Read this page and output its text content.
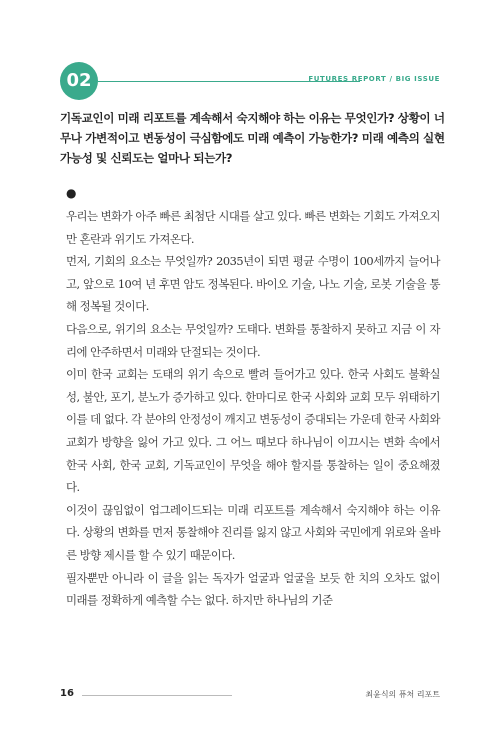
02	FUTURES REPORT / BIG ISSUE
기독교인이 미래 리포트를 계속해서 숙지해야 하는 이유는 무엇인가? 상황이 너무나 가변적이고 변동성이 극심함에도 미래 예측이 가능한가? 미래 예측의 실현 가능성 및 신뢰도는 얼마나 되는가?
●

우리는 변화가 아주 빠른 최첨단 시대를 살고 있다. 빠른 변화는 기회도 가져오지만 혼란과 위기도 가져온다.

먼저, 기회의 요소는 무엇일까? 2035년이 되면 평균 수명이 100세까지 늘어나고, 앞으로 10여 년 후면 암도 정복된다. 바이오 기술, 나노 기술, 로봇 기술을 통해 정복될 것이다.

다음으로, 위기의 요소는 무엇일까? 도태다. 변화를 통찰하지 못하고 지금 이 자리에 안주하면서 미래와 단절되는 것이다.

이미 한국 교회는 도태의 위기 속으로 빨려 들어가고 있다. 한국 사회도 불확실성, 불안, 포기, 분노가 증가하고 있다. 한마디로 한국 사회와 교회 모두 위태하기 이를 데 없다. 각 분야의 안정성이 깨지고 변동성이 증대되는 가운데 한국 사회와 교회가 방향을 잃어 가고 있다. 그 어느 때보다 하나님이 이끄시는 변화 속에서 한국 사회, 한국 교회, 기독교인이 무엇을 해야 할지를 통찰하는 일이 중요해졌다.

이것이 끊임없이 업그레이드되는 미래 리포트를 계속해서 숙지해야 하는 이유다. 상황의 변화를 먼저 통찰해야 진리를 잃지 않고 사회와 국민에게 위로와 올바른 방향 제시를 할 수 있기 때문이다.

필자뿐만 아니라 이 글을 읽는 독자가 얼굴과 얼굴을 보듯 한 치의 오차도 없이 미래를 정확하게 예측할 수는 없다. 하지만 하나님의 기준

16	최윤식의 퓨처 리포트
